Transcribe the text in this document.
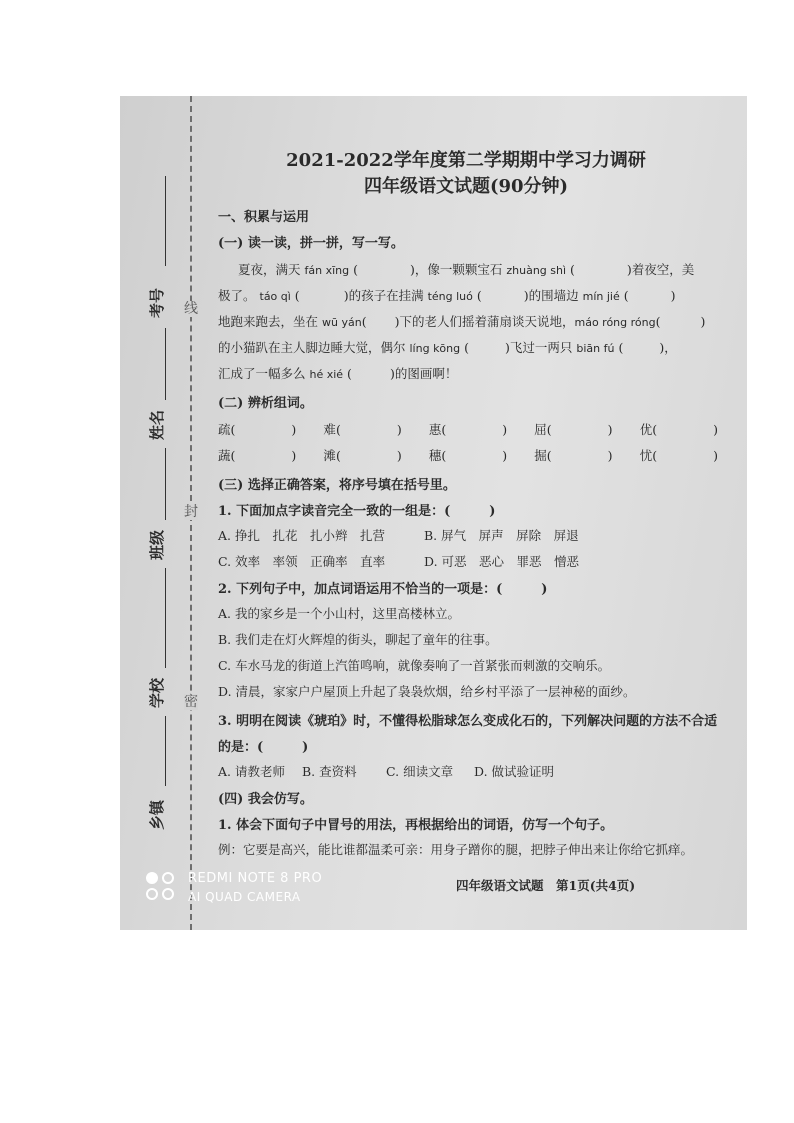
线
封
密
考号
姓名
班级
学校
乡镇
2021-2022学年度第二学期期中学习力调研
四年级语文试题(90分钟)
一、积累与运用
(一) 读一读，拼一拼，写一写。
夏夜，满天 fán xīng (	)，像一颗颗宝石 zhuàng shì (	)着夜空，美
极了。 táo qì (	)的孩子在挂满 téng luó (	)的围墙边 mín jié (	)
地跑来跑去，坐在 wū yán( )下的老人们摇着蒲扇谈天说地，máo róng róng(	)
的小猫趴在主人脚边睡大觉，偶尔 líng kōng (	)飞过一两只 biān fú (	)，
汇成了一幅多么 hé xié (	)的图画啊！
(二) 辨析组词。
疏(	) 难(	) 惠(	) 屈(	) 优(	)
蔬(	) 滩(	) 穗(	) 掘(	) 忧(	)
(三) 选择正确答案，将序号填在括号里。
1. 下面加点字读音完全一致的一组是：(　　　)
A. 挣扎　扎花　扎小辫　扎营	B. 屏气　屏声　屏除　屏退
C. 效率　率领　正确率　直率	D. 可恶　恶心　罪恶　憎恶
2. 下列句子中，加点词语运用不恰当的一项是：(　　　)
A. 我的家乡是一个小山村，这里高楼林立。
B. 我们走在灯火辉煌的街头，聊起了童年的往事。
C. 车水马龙的街道上汽笛鸣响，就像奏响了一首紧张而刺激的交响乐。
D. 清晨，家家户户屋顶上升起了袅袅炊烟，给乡村平添了一层神秘的面纱。
3. 明明在阅读《琥珀》时，不懂得松脂球怎么变成化石的，下列解决问题的方法不合适
的是：(　　　)
A. 请教老师 B. 查资料 C. 细读文章 D. 做试验证明
(四) 我会仿写。
1. 体会下面句子中冒号的用法，再根据给出的词语，仿写一个句子。
例：它要是高兴，能比谁都温柔可亲：用身子蹭你的腿，把脖子伸出来让你给它抓痒。
四年级语文试题　第1页(共4页)
REDMI NOTE 8 PRO
AI QUAD CAMERA
